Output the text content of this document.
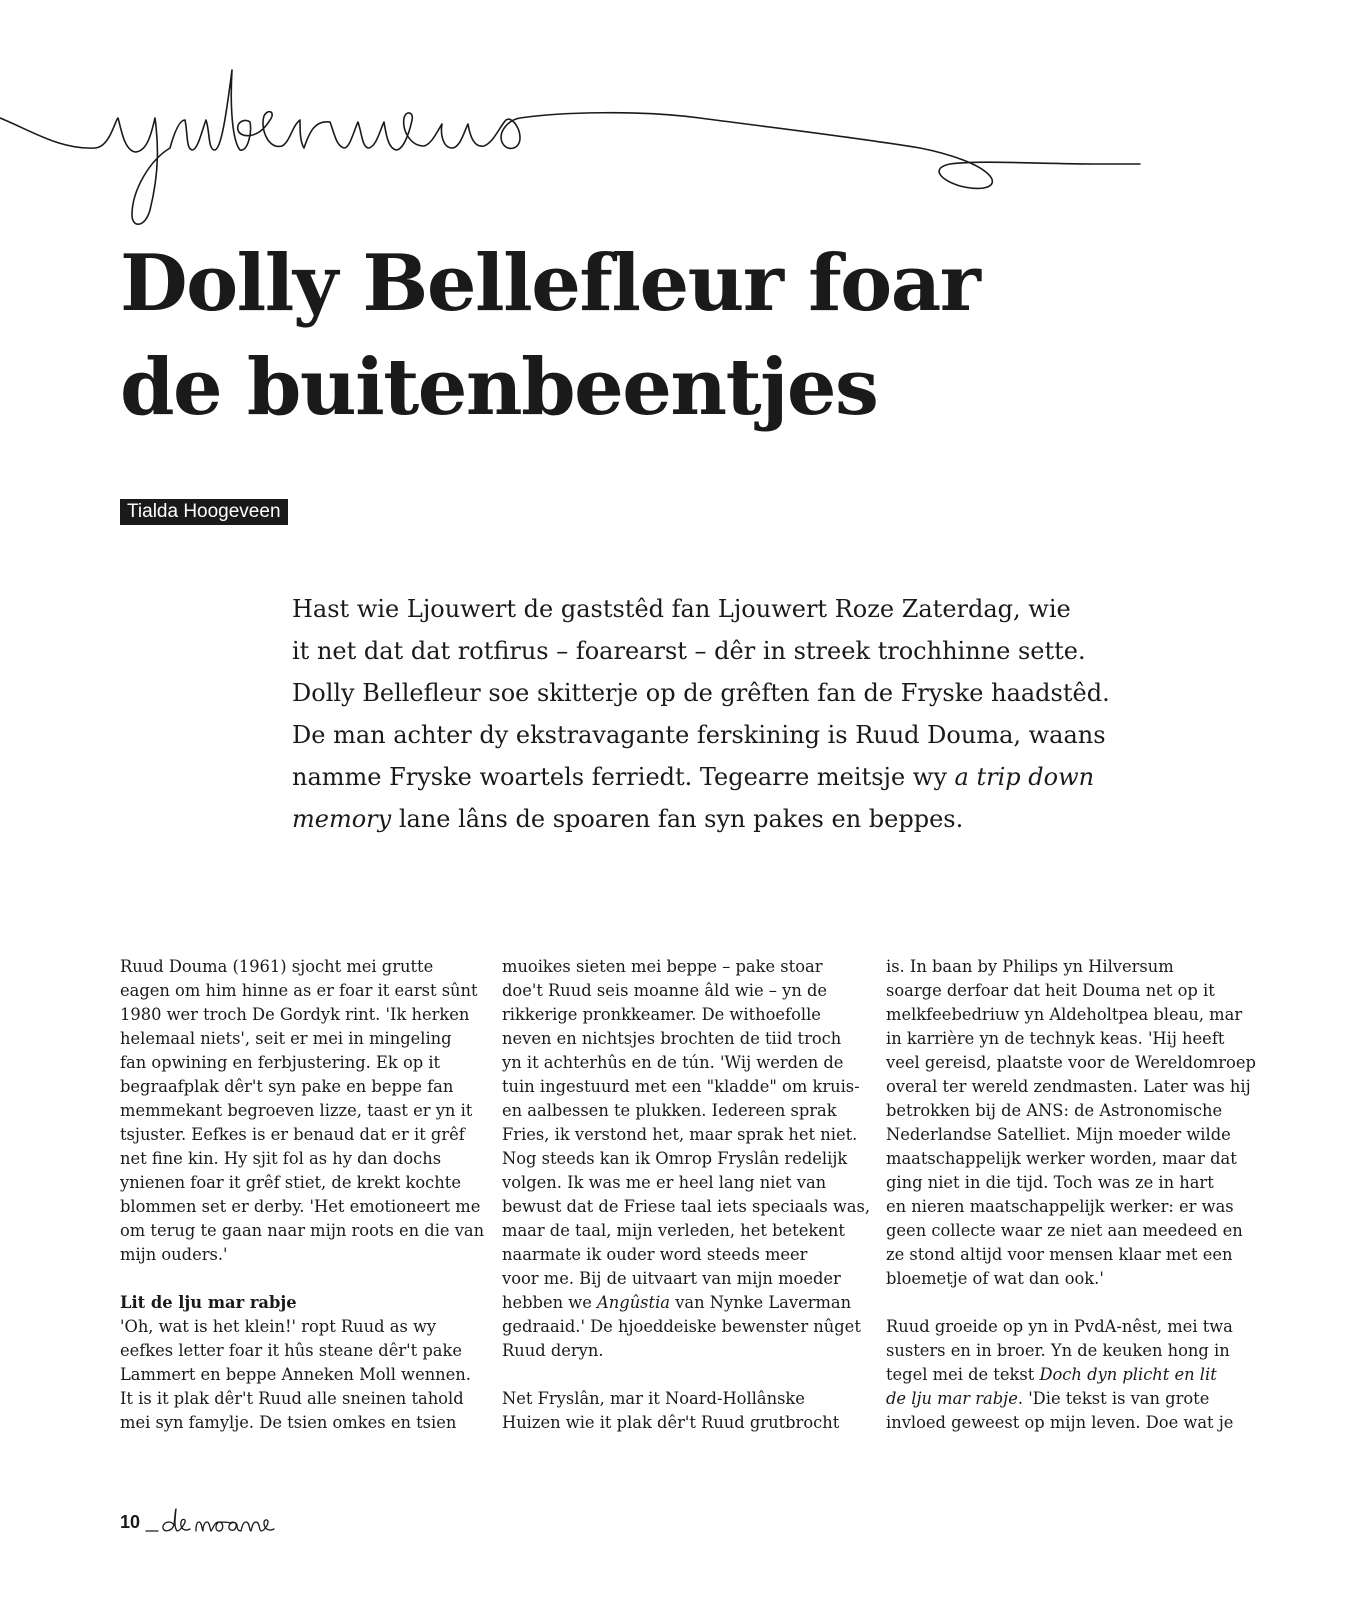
Dolly Bellefleur foar
de buitenbeentjes
Tialda Hoogeveen
Hast wie Ljouwert de gaststêd fan Ljouwert Roze Zaterdag, wie
it net dat dat rotfirus – foarearst – dêr in streek trochhinne sette.
Dolly Bellefleur soe skitterje op de grêften fan de Fryske haadstêd.
De man achter dy ekstravagante ferskining is Ruud Douma, waans
namme Fryske woartels ferriedt. Tegearre meitsje wy a trip down
memory lane lâns de spoaren fan syn pakes en beppes.
Ruud Douma (1961) sjocht mei grutte
eagen om him hinne as er foar it earst sûnt
1980 wer troch De Gordyk rint. 'Ik herken
helemaal niets', seit er mei in mingeling
fan opwining en ferbjustering. Ek op it
begraafplak dêr't syn pake en beppe fan
memmekant begroeven lizze, taast er yn it
tsjuster. Eefkes is er benaud dat er it grêf
net fine kin. Hy sjit fol as hy dan dochs
ynienen foar it grêf stiet, de krekt kochte
blommen set er derby. 'Het emotioneert me
om terug te gaan naar mijn roots en die van
mijn ouders.'
Lit de lju mar rabje
'Oh, wat is het klein!' ropt Ruud as wy
eefkes letter foar it hûs steane dêr't pake
Lammert en beppe Anneken Moll wennen.
It is it plak dêr't Ruud alle sneinen tahold
mei syn famylje. De tsien omkes en tsien
muoikes sieten mei beppe – pake stoar
doe't Ruud seis moanne âld wie – yn de
rikkerige pronkkeamer. De withoefolle
neven en nichtsjes brochten de tiid troch
yn it achterhûs en de tún. 'Wij werden de
tuin ingestuurd met een "kladde" om kruis-
en aalbessen te plukken. Iedereen sprak
Fries, ik verstond het, maar sprak het niet.
Nog steeds kan ik Omrop Fryslân redelijk
volgen. Ik was me er heel lang niet van
bewust dat de Friese taal iets speciaals was,
maar de taal, mijn verleden, het betekent
naarmate ik ouder word steeds meer
voor me. Bij de uitvaart van mijn moeder
hebben we Angûstia van Nynke Laverman
gedraaid.' De hjoeddeiske bewenster nûget
Ruud deryn.
Net Fryslân, mar it Noard-Hollânske
Huizen wie it plak dêr't Ruud grutbrocht
is. In baan by Philips yn Hilversum
soarge derfoar dat heit Douma net op it
melkfeebedriuw yn Aldeholtpea bleau, mar
in karrière yn de technyk keas. 'Hij heeft
veel gereisd, plaatste voor de Wereldomroep
overal ter wereld zendmasten. Later was hij
betrokken bij de ANS: de Astronomische
Nederlandse Satelliet. Mijn moeder wilde
maatschappelijk werker worden, maar dat
ging niet in die tijd. Toch was ze in hart
en nieren maatschappelijk werker: er was
geen collecte waar ze niet aan meedeed en
ze stond altijd voor mensen klaar met een
bloemetje of wat dan ook.'
Ruud groeide op yn in PvdA-nêst, mei twa
susters en in broer. Yn de keuken hong in
tegel mei de tekst Doch dyn plicht en lit
de lju mar rabje. 'Die tekst is van grote
invloed geweest op mijn leven. Doe wat je
10
